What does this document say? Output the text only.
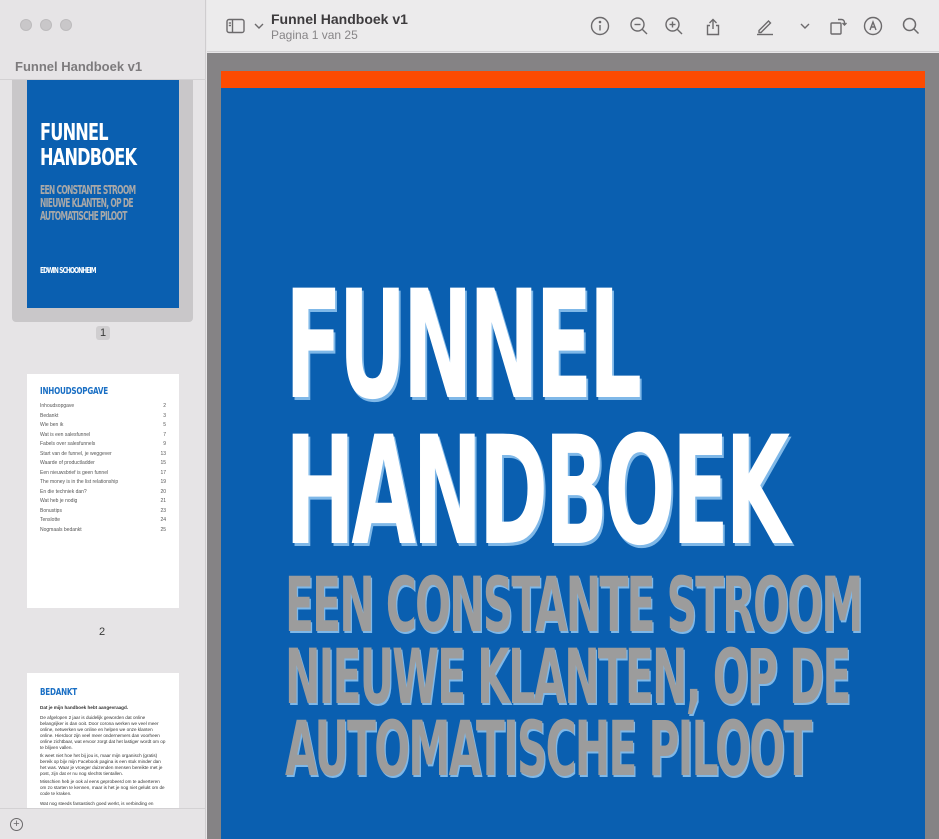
Funnel Handboek v1
FUNNEL
HANDBOEK
EEN CONSTANTE STROOM
NIEUWE KLANTEN, OP DE
AUTOMATISCHE PILOOT
EDWIN SCHOONHEIM
1
INHOUDSOPGAVE
Inhoudsopgave	2
Bedankt	3
Wie ben ik	5
Wat is een salesfunnel	7
Fabels over salesfunnels	9
Start van de funnel, je weggever	13
Waarde of productladder	15
Een nieuwsbrief is geen funnel	17
The money is in the list relationship	19
En die techniek dan?	20
Wat heb je nodig	21
Bonustips	23
Tenslotte	24
Nogmaals bedankt	25
2
BEDANKT
Dat je mijn handboek hebt aangevraagd.
De afgelopen 2 jaar is duidelijk geworden dat online belangrijker is dan ooit. Door corona werken we veel meer online, netwerken we online en helpen we onze klanten online. Hierdoor zijn veel meer ondernemers dan voorheen online zichtbaar, wat ervoor zorgt dat het lastiger wordt om op te blijven vallen.
Ik weet niet hoe het bij jou is, maar mijn organisch (gratis) bereik op bijv mijn Facebook pagina is een stuk minder dan het was. Waar je vroeger duizenden mensen bereikte met je post, zijn dat er nu nog slechts tientallen.
Misschien heb je ook al eens geprobeerd om te adverteren om zo starten te kennen, maar is het je nog niet gelukt om de code te kraken.
Wat nog steeds fantastisch goed werkt, is verbinding en
+
Funnel Handboek v1
Pagina 1 van 25
FUNNEL
HANDBOEK
EEN CONSTANTE STROOM
NIEUWE KLANTEN, OP DE
AUTOMATISCHE PILOOT
